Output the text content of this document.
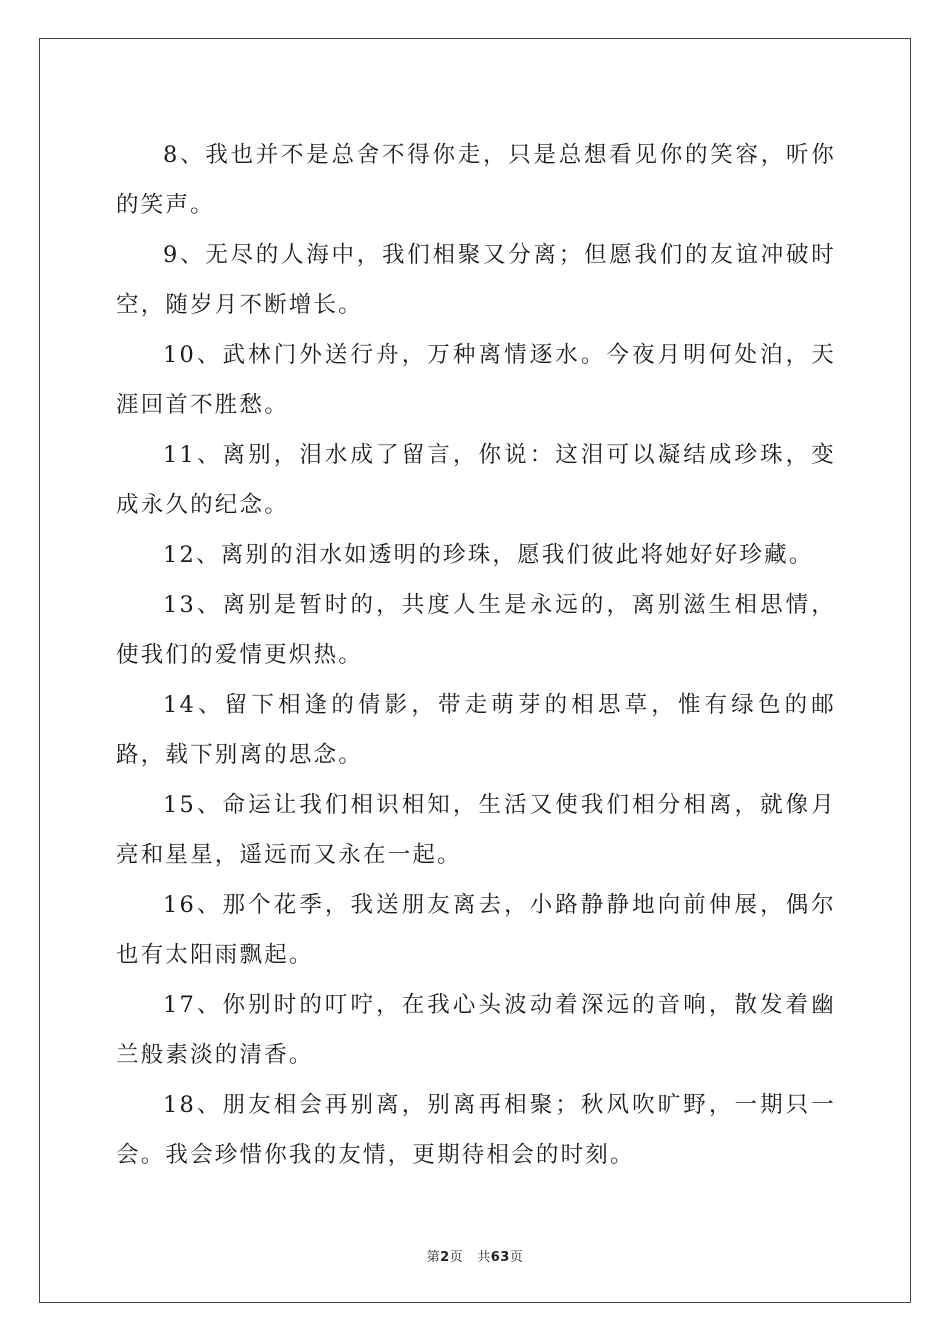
8、我也并不是总舍不得你走，只是总想看见你的笑容，听你的笑声。

9、无尽的人海中，我们相聚又分离；但愿我们的友谊冲破时空，随岁月不断增长。

10、武林门外送行舟，万种离情逐水。今夜月明何处泊，天涯回首不胜愁。

11、离别，泪水成了留言，你说：这泪可以凝结成珍珠，变成永久的纪念。

12、离别的泪水如透明的珍珠，愿我们彼此将她好好珍藏。

13、离别是暂时的，共度人生是永远的，离别滋生相思情，使我们的爱情更炽热。

14、留下相逢的倩影，带走萌芽的相思草，惟有绿色的邮路，载下别离的思念。

15、命运让我们相识相知，生活又使我们相分相离，就像月亮和星星，遥远而又永在一起。

16、那个花季，我送朋友离去，小路静静地向前伸展，偶尔也有太阳雨飘起。

17、你别时的叮咛，在我心头波动着深远的音响，散发着幽兰般素淡的清香。

18、朋友相会再别离，别离再相聚；秋风吹旷野，一期只一会。我会珍惜你我的友情，更期待相会的时刻。

第2页 共63页
